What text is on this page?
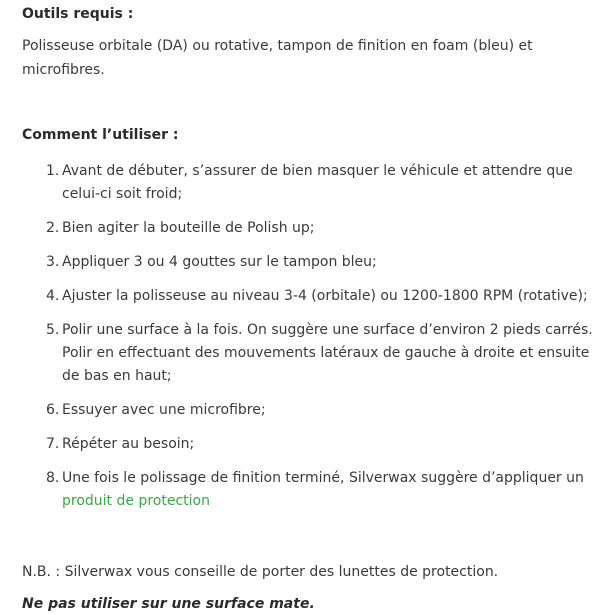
Outils requis :
Polisseuse orbitale (DA) ou rotative, tampon de finition en foam (bleu) et microfibres.
Comment l’utiliser :
1. Avant de débuter, s’assurer de bien masquer le véhicule et attendre que celui-ci soit froid;
2. Bien agiter la bouteille de Polish up;
3. Appliquer 3 ou 4 gouttes sur le tampon bleu;
4. Ajuster la polisseuse au niveau 3-4 (orbitale) ou 1200-1800 RPM (rotative);
5. Polir une surface à la fois. On suggère une surface d’environ 2 pieds carrés. Polir en effectuant des mouvements latéraux de gauche à droite et ensuite de bas en haut;
6. Essuyer avec une microfibre;
7. Répéter au besoin;
8. Une fois le polissage de finition terminé, Silverwax suggère d’appliquer un produit de protection
N.B. : Silverwax vous conseille de porter des lunettes de protection.
Ne pas utiliser sur une surface mate.
